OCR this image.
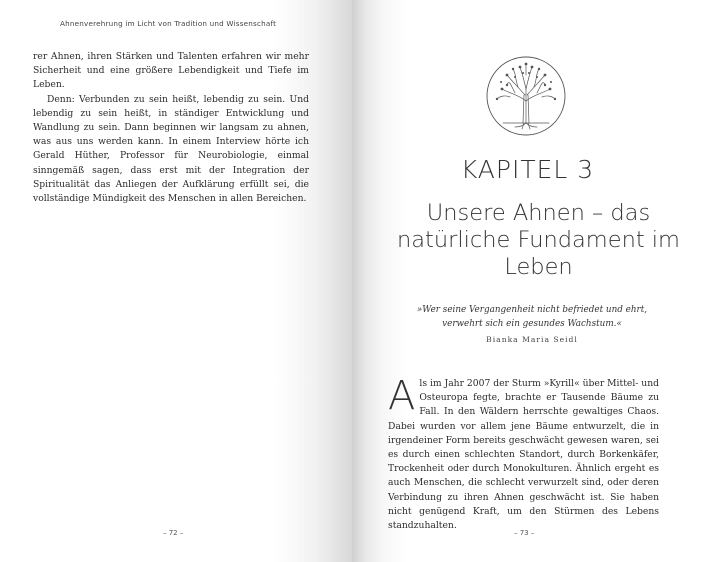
Ahnenverehrung im Licht von Tradition und Wissenschaft

rer Ahnen, ihren Stärken und Talenten erfahren wir mehr Sicherheit und eine größere Lebendigkeit und Tiefe im Leben.

Denn: Verbunden zu sein heißt, lebendig zu sein. Und lebendig zu sein heißt, in ständiger Entwicklung und Wandlung zu sein. Dann beginnen wir langsam zu ahnen, was aus uns werden kann. In einem Interview hörte ich Gerald Hüther, Professor für Neurobiologie, einmal sinngemäß sagen, dass erst mit der Integration der Spiritualität das Anliegen der Aufklärung erfüllt sei, die vollständige Mündigkeit des Menschen in allen Bereichen.

– 72 –
KAPITEL 3
Unsere Ahnen – das natürliche Fundament im Leben
»Wer seine Vergangenheit nicht befriedet und ehrt,
verwehrt sich ein gesundes Wachstum.«
Bianka Maria Seidl
Als im Jahr 2007 der Sturm »Kyrill« über Mittel- und Osteuropa fegte, brachte er Tausende Bäume zu Fall. In den Wäldern herrschte gewaltiges Chaos. Dabei wurden vor allem jene Bäume entwurzelt, die in irgendeiner Form bereits geschwächt gewesen waren, sei es durch einen schlechten Standort, durch Borkenkäfer, Trockenheit oder durch Monokulturen. Ähnlich ergeht es auch Menschen, die schlecht verwurzelt sind, oder deren Verbindung zu ihren Ahnen geschwächt ist. Sie haben nicht genügend Kraft, um den Stürmen des Lebens standzuhalten.
– 73 –
